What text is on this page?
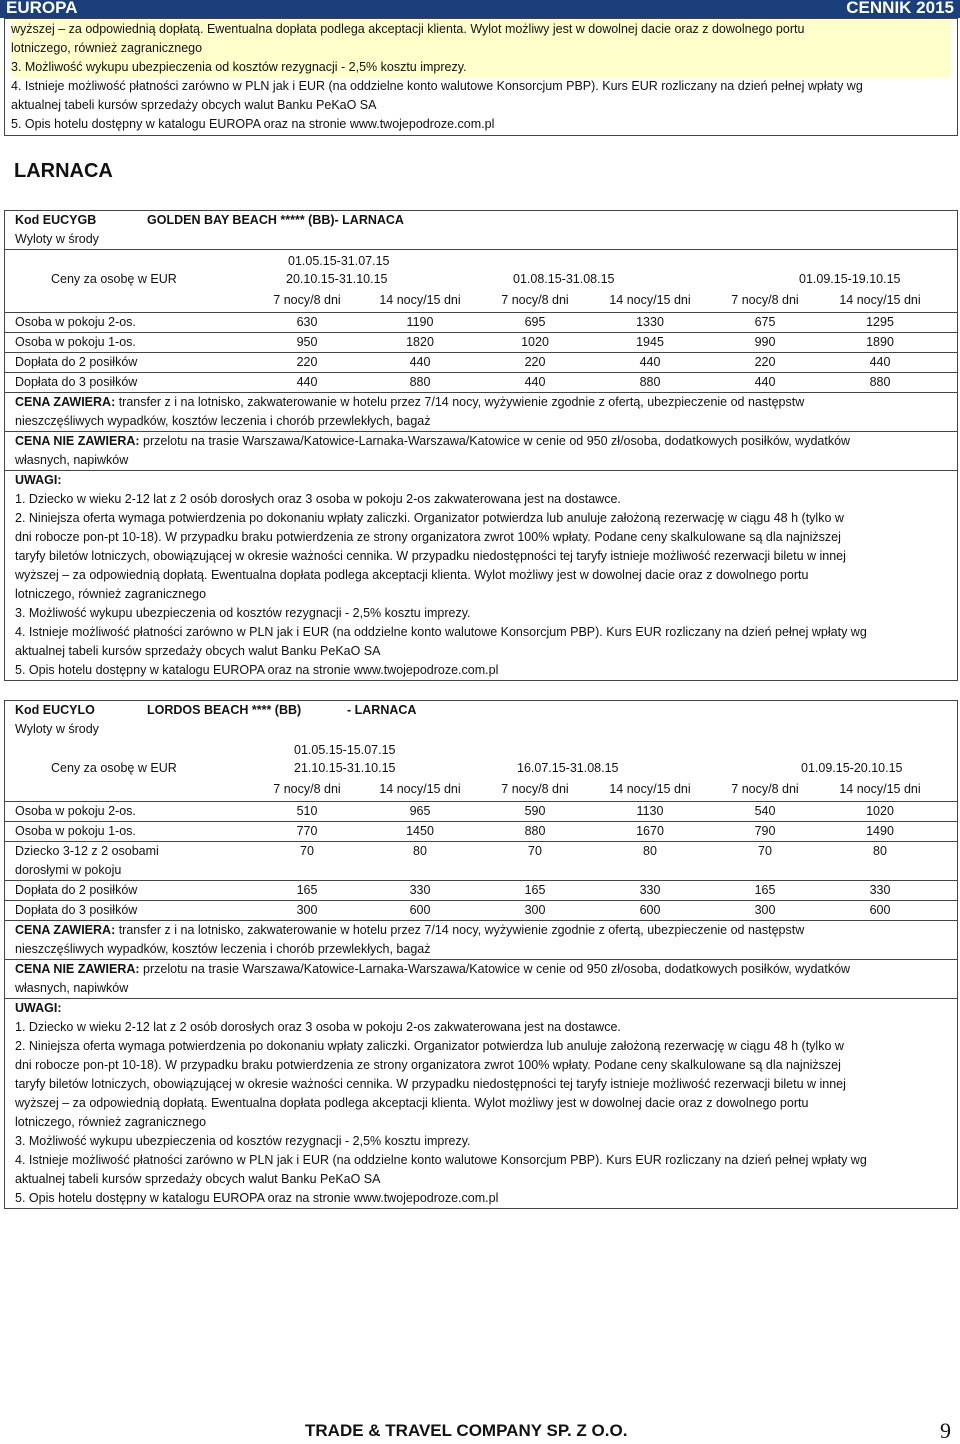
EUROPA	CENNIK 2015

wyższej – za odpowiednią dopłatą. Ewentualna dopłata podlega akceptacji klienta. Wylot możliwy jest w dowolnej dacie oraz z dowolnego portu

lotniczego, również zagranicznego

3. Możliwość wykupu ubezpieczenia od kosztów rezygnacji - 2,5% kosztu imprezy.

4. Istnieje możliwość płatności zarówno w PLN jak i EUR (na oddzielne konto walutowe Konsorcjum PBP). Kurs EUR rozliczany na dzień pełnej wpłaty wg

aktualnej tabeli kursów sprzedaży obcych walut Banku PeKaO SA

5. Opis hotelu dostępny w katalogu EUROPA oraz na stronie www.twojepodroze.com.pl

LARNACA
Kod EUCYGB	GOLDEN BAY BEACH ***** (BB)- LARNACA
Wyloty w środy
01.05.15-31.07.15
Ceny za osobę w EUR	20.10.15-31.10.15	01.08.15-31.08.15	01.09.15-19.10.15
7 nocy/8 dni	14 nocy/15 dni	7 nocy/8 dni	14 nocy/15 dni	7 nocy/8 dni	14 nocy/15 dni
Osoba w pokoju 2-os.	630	1190	695	1330	675	1295
Osoba w pokoju 1-os.	950	1820	1020	1945	990	1890
Dopłata do 2 posiłków	220	440	220	440	220	440
Dopłata do 3 posiłków	440	880	440	880	440	880
CENA ZAWIERA: transfer z i na lotnisko, zakwaterowanie w hotelu przez 7/14 nocy, wyżywienie zgodnie z ofertą, ubezpieczenie od następstw
nieszczęśliwych wypadków, kosztów leczenia i chorób przewlekłych, bagaż
CENA NIE ZAWIERA: przelotu na trasie Warszawa/Katowice-Larnaka-Warszawa/Katowice w cenie od 950 zł/osoba, dodatkowych posiłków, wydatków
własnych, napiwków
UWAGI:
1. Dziecko w wieku 2-12 lat z 2 osób dorosłych oraz 3 osoba w pokoju 2-os zakwaterowana jest na dostawce.
2. Niniejsza oferta wymaga potwierdzenia po dokonaniu wpłaty zaliczki. Organizator potwierdza lub anuluje założoną rezerwację w ciągu 48 h (tylko w
dni robocze pon-pt 10-18). W przypadku braku potwierdzenia ze strony organizatora zwrot 100% wpłaty. Podane ceny skalkulowane są dla najniższej
taryfy biletów lotniczych, obowiązującej w okresie ważności cennika. W przypadku niedostępności tej taryfy istnieje możliwość rezerwacji biletu w innej
wyższej – za odpowiednią dopłatą. Ewentualna dopłata podlega akceptacji klienta. Wylot możliwy jest w dowolnej dacie oraz z dowolnego portu
lotniczego, również zagranicznego
3. Możliwość wykupu ubezpieczenia od kosztów rezygnacji - 2,5% kosztu imprezy.
4. Istnieje możliwość płatności zarówno w PLN jak i EUR (na oddzielne konto walutowe Konsorcjum PBP). Kurs EUR rozliczany na dzień pełnej wpłaty wg
aktualnej tabeli kursów sprzedaży obcych walut Banku PeKaO SA
5. Opis hotelu dostępny w katalogu EUROPA oraz na stronie www.twojepodroze.com.pl
Kod EUCYLO	LORDOS BEACH **** (BB)	- LARNACA
Wyloty w środy
01.05.15-15.07.15
Ceny za osobę w EUR	21.10.15-31.10.15	16.07.15-31.08.15	01.09.15-20.10.15
7 nocy/8 dni	14 nocy/15 dni	7 nocy/8 dni	14 nocy/15 dni	7 nocy/8 dni	14 nocy/15 dni
Osoba w pokoju 2-os.	510	965	590	1130	540	1020
Osoba w pokoju 1-os.	770	1450	880	1670	790	1490
Dziecko 3-12 z 2 osobami
dorosłymi w pokoju
70	80	70	80	70	80
Dopłata do 2 posiłków	165	330	165	330	165	330
Dopłata do 3 posiłków	300	600	300	600	300	600
CENA ZAWIERA: transfer z i na lotnisko, zakwaterowanie w hotelu przez 7/14 nocy, wyżywienie zgodnie z ofertą, ubezpieczenie od następstw
nieszczęśliwych wypadków, kosztów leczenia i chorób przewlekłych, bagaż
CENA NIE ZAWIERA: przelotu na trasie Warszawa/Katowice-Larnaka-Warszawa/Katowice w cenie od 950 zł/osoba, dodatkowych posiłków, wydatków
własnych, napiwków
UWAGI:
1. Dziecko w wieku 2-12 lat z 2 osób dorosłych oraz 3 osoba w pokoju 2-os zakwaterowana jest na dostawce.
2. Niniejsza oferta wymaga potwierdzenia po dokonaniu wpłaty zaliczki. Organizator potwierdza lub anuluje założoną rezerwację w ciągu 48 h (tylko w
dni robocze pon-pt 10-18). W przypadku braku potwierdzenia ze strony organizatora zwrot 100% wpłaty. Podane ceny skalkulowane są dla najniższej
taryfy biletów lotniczych, obowiązującej w okresie ważności cennika. W przypadku niedostępności tej taryfy istnieje możliwość rezerwacji biletu w innej
wyższej – za odpowiednią dopłatą. Ewentualna dopłata podlega akceptacji klienta. Wylot możliwy jest w dowolnej dacie oraz z dowolnego portu
lotniczego, również zagranicznego
3. Możliwość wykupu ubezpieczenia od kosztów rezygnacji - 2,5% kosztu imprezy.
4. Istnieje możliwość płatności zarówno w PLN jak i EUR (na oddzielne konto walutowe Konsorcjum PBP). Kurs EUR rozliczany na dzień pełnej wpłaty wg
aktualnej tabeli kursów sprzedaży obcych walut Banku PeKaO SA
5. Opis hotelu dostępny w katalogu EUROPA oraz na stronie www.twojepodroze.com.pl
TRADE & TRAVEL COMPANY SP. Z O.O.	9
